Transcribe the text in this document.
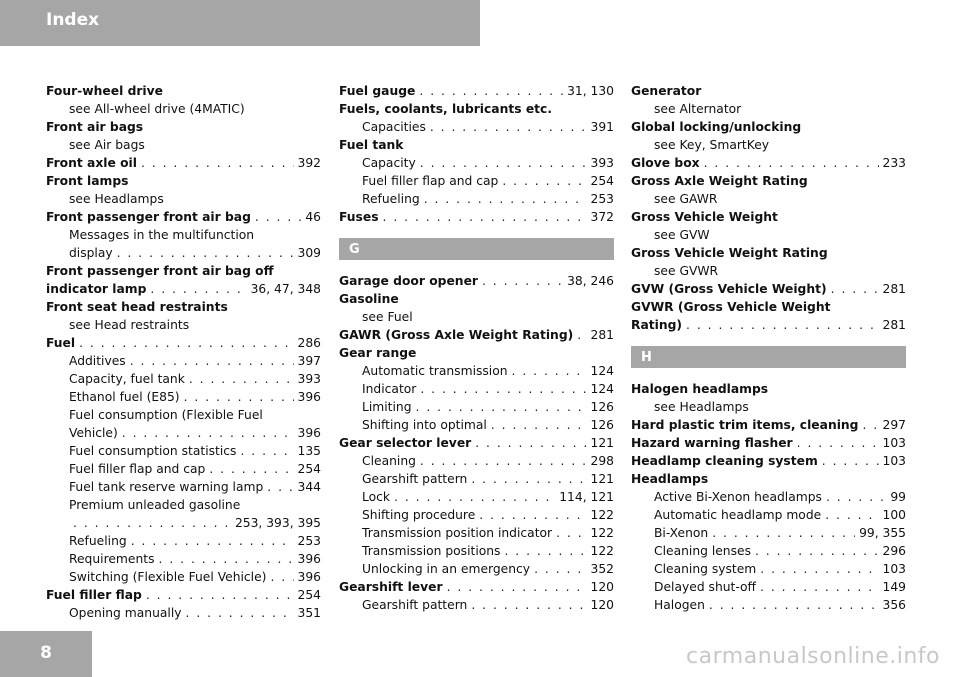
Index
Four-wheel drive
see All-wheel drive (4MATIC)
Front air bags
see Air bags
Front axle oil . . .	392
Front lamps
see Headlamps
Front passenger front air bag . . .	46
Messages in the multifunction
display . . .	309
Front passenger front air bag off
indicator lamp . . .	36, 47, 348
Front seat head restraints
see Head restraints
Fuel . . .	286
Additives . . .	397
Capacity, fuel tank . . .	393
Ethanol fuel (E85) . . .	396
Fuel consumption (Flexible Fuel
Vehicle) . . .	396
Fuel consumption statistics . . .	135
Fuel filler flap and cap . . .	254
Fuel tank reserve warning lamp . . .	344
Premium unleaded gasoline
. . .
253, 393, 395
Refueling . . .	253
Requirements . . .	396
Switching (Flexible Fuel Vehicle) . . .	396
Fuel filler flap . . .	254
Opening manually . . .	351
Fuel gauge . . .	31, 130
Fuels, coolants, lubricants etc.
Capacities . . .	391
Fuel tank
Capacity . . .	393
Fuel filler flap and cap . . .	254
Refueling . . .	253
Fuses . . .	372
G
Garage door opener . . .	38, 246
Gasoline
see Fuel
GAWR (Gross Axle Weight Rating) . . . 281
Gear range
Automatic transmission . . .	124
Indicator . . .	124
Limiting . . .	126
Shifting into optimal . . .	126
Gear selector lever . . .	121
Cleaning . . .	298
Gearshift pattern . . .	121
Lock . . .	114, 121
Shifting procedure . . .	122
Transmission position indicator . . .	122
Transmission positions . . .	122
Unlocking in an emergency . . .	352
Gearshift lever . . .	120
Gearshift pattern . . .	120
Generator
see Alternator
Global locking/unlocking
see Key, SmartKey
Glove box . . .	233
Gross Axle Weight Rating
see GAWR
Gross Vehicle Weight
see GVW
Gross Vehicle Weight Rating
see GVWR
GVW (Gross Vehicle Weight) . . .	281
GVWR (Gross Vehicle Weight
Rating) . . .	281
H
Halogen headlamps
see Headlamps
Hard plastic trim items, cleaning . . . 297
Hazard warning flasher . . .	103
Headlamp cleaning system . . .	103
Headlamps
Active Bi-Xenon headlamps . . .	99
Automatic headlamp mode . . .	100
Bi-Xenon . . .	99, 355
Cleaning lenses . . .	296
Cleaning system . . .	103
Delayed shut-off . . .	149
Halogen . . .	356
8	carmanualsonline.info
